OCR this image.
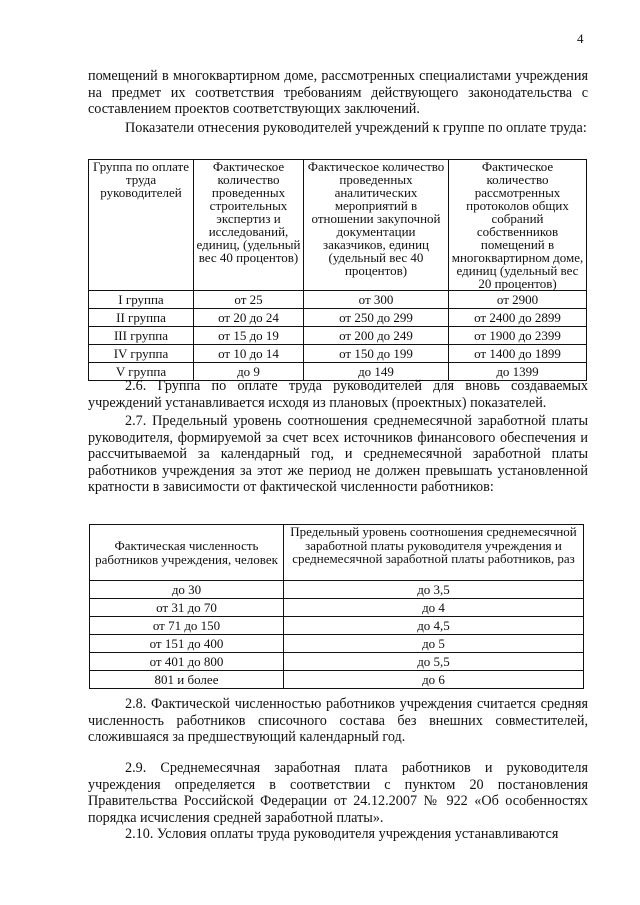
4
помещений в многоквартирном доме, рассмотренных специалистами учреждения на предмет их соответствия требованиям действующего законодательства с составлением проектов соответствующих заключений.
Показатели отнесения руководителей учреждений к группе по оплате труда:
Группа по оплате труда руководителей	Фактическое количество проведенных строительных экспертиз и исследований, единиц, (удельный вес 40 процентов)	Фактическое количество проведенных аналитических мероприятий в отношении закупочной документации заказчиков, единиц (удельный вес 40 процентов)	Фактическое количество рассмотренных протоколов общих собраний собственников помещений в многоквартирном доме, единиц (удельный вес 20 процентов)
I группа	от 25	от 300	от 2900
II группа	от 20 до 24	от 250 до 299	от 2400 до 2899
III группа	от 15 до 19	от 200 до 249	от 1900 до 2399
IV группа	от 10 до 14	от 150 до 199	от 1400 до 1899
V группа	до 9	до 149	до 1399
2.6. Группа по оплате труда руководителей для вновь создаваемых учреждений устанавливается исходя из плановых (проектных) показателей.
2.7. Предельный уровень соотношения среднемесячной заработной платы руководителя, формируемой за счет всех источников финансового обеспечения и рассчитываемой за календарный год, и среднемесячной заработной платы работников учреждения за этот же период не должен превышать установленной кратности в зависимости от фактической численности работников:
Фактическая численность работников учреждения, человек	Предельный уровень соотношения среднемесячной заработной платы руководителя учреждения и среднемесячной заработной платы работников, раз
до 30	до 3,5
от 31 до 70	до 4
от 71 до 150	до 4,5
от 151 до 400	до 5
от 401 до 800	до 5,5
801 и более	до 6
2.8. Фактической численностью работников учреждения считается средняя численность работников списочного состава без внешних совместителей, сложившаяся за предшествующий календарный год.
2.9. Среднемесячная заработная плата работников и руководителя учреждения определяется в соответствии с пунктом 20 постановления Правительства Российской Федерации от 24.12.2007 № 922 «Об особенностях порядка исчисления средней заработной платы».
2.10. Условия оплаты труда руководителя учреждения устанавливаются
